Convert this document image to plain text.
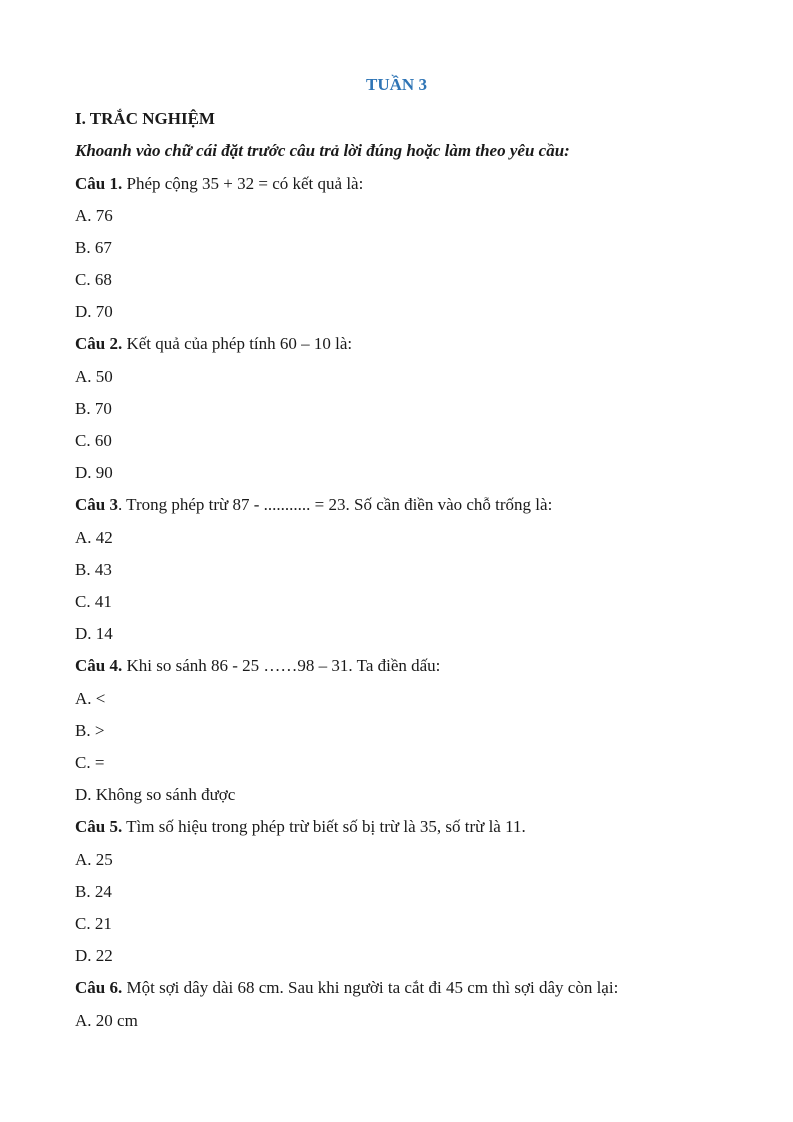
TUẦN 3
I. TRẮC NGHIỆM
Khoanh vào chữ cái đặt trước câu trả lời đúng hoặc làm theo yêu cầu:
Câu 1. Phép cộng 35 + 32 = có kết quả là:
A. 76
B. 67
C. 68
D. 70
Câu 2. Kết quả của phép tính 60 – 10 là:
A. 50
B. 70
C. 60
D. 90
Câu 3. Trong phép trừ 87 - ........... = 23. Số cần điền vào chỗ trống là:
A. 42
B. 43
C. 41
D. 14
Câu 4. Khi so sánh 86 - 25 ……98 – 31. Ta điền dấu:
A. <
B. >
C. =
D. Không so sánh được
Câu 5. Tìm số hiệu trong phép trừ biết số bị trừ là 35, số trừ là 11.
A. 25
B. 24
C. 21
D. 22
Câu 6. Một sợi dây dài 68 cm. Sau khi người ta cắt đi 45 cm thì sợi dây còn lại:
A. 20 cm
